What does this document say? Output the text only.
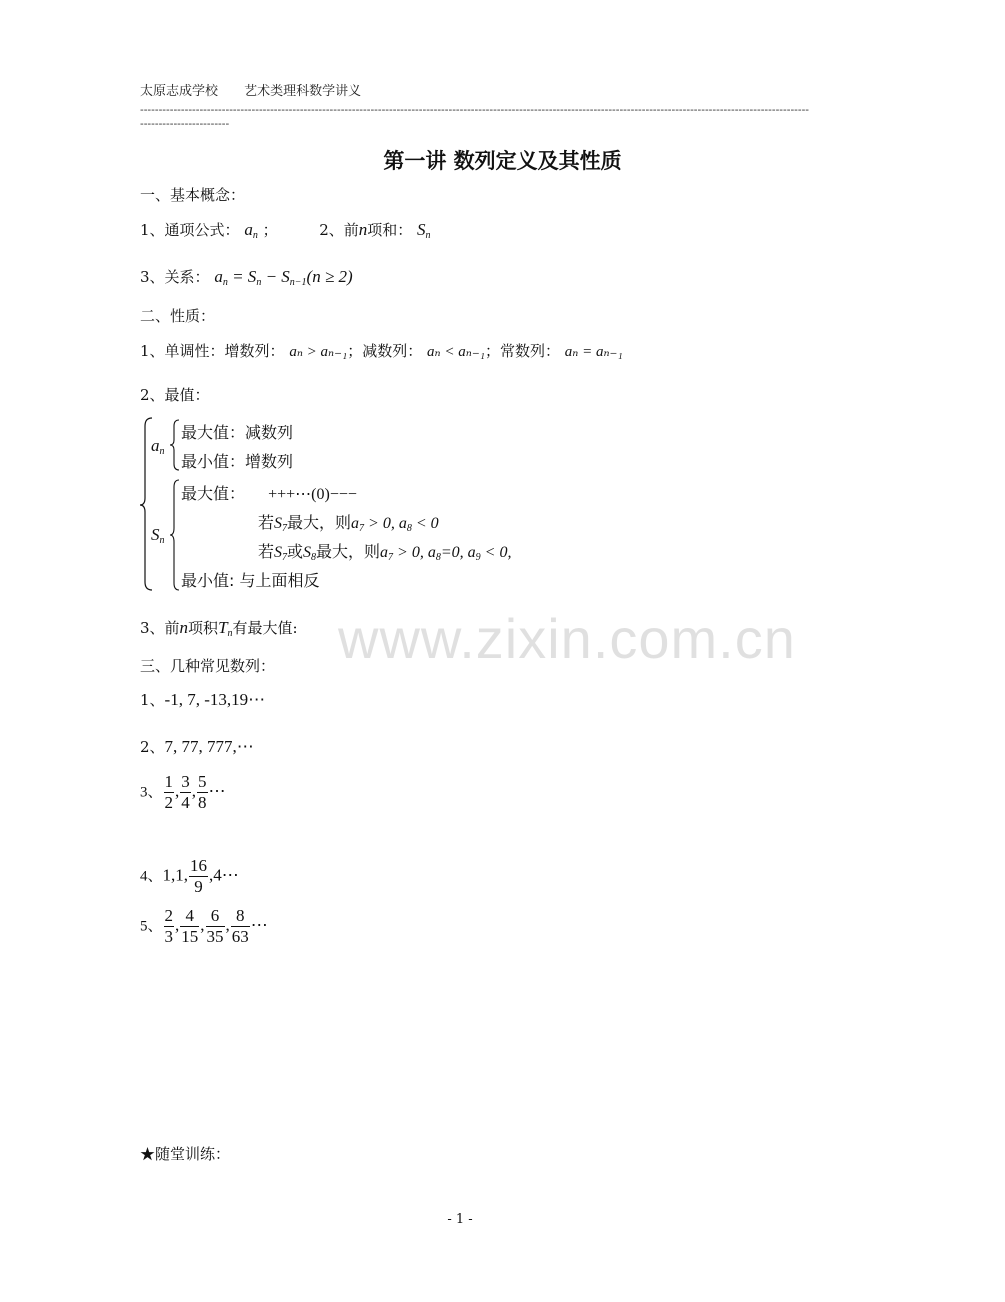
太原志成学校 艺术类理科数学讲义
------------------------------------------------------------------------------------------------------------------------------------------------------------------------------------
------------------------
第一讲 数列定义及其性质
一、基本概念：
1、通项公式： $a_n$ ；	2、前n项和： $S_n$
3、关系： $a_n = S_n - S_{n-1}(n \ge 2)$
二、性质：
1、单调性：增数列： aₙ > aₙ₋₁；减数列： aₙ < aₙ₋₁；常数列： aₙ = aₙ₋₁
2、最值：
$a_n$
最大值：减数列
最小值：增数列
$S_n$
最大值： +++⋯(0)−−−
若$S_7$最大，则$a_7 > 0$, $a_8 < 0$
若$S_7$或$S_8$最大，则$a_7 > 0$, $a_8=0$, $a_9 < 0$,
最小值: 与上面相反
3、前n项积$T_n$有最大值: www.zixin.com.cn
三、几种常见数列：
1、-1, 7, -13,19⋯
2、7, 77, 777,⋯
3、 $\frac{1}{2}$ , $\frac{3}{4}$ , $\frac{5}{8}$ ⋯
4、1,1, $\frac{16}{9}$ ,4⋯
5、 $\frac{2}{3}$ , $\frac{4}{15}$ , $\frac{6}{35}$ , $\frac{8}{63}$ ⋯
★随堂训练：
- 1 -
